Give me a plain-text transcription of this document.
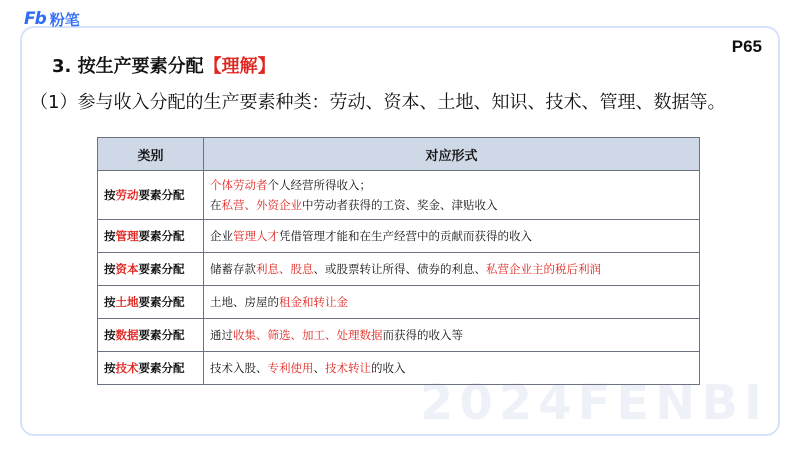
Fb 粉笔
2024FENBI
P65
3. 按生产要素分配【理解】
（1）参与收入分配的生产要素种类：劳动、资本、土地、知识、技术、管理、数据等。
类别	对应形式
按劳动要素分配	个体劳动者个人经营所得收入；
在私营、外资企业中劳动者获得的工资、奖金、津贴收入

按管理要素分配	企业管理人才凭借管理才能和在生产经营中的贡献而获得的收入

按资本要素分配	储蓄存款利息、股息、或股票转让所得、债券的利息、私营企业主的税后利润

按土地要素分配	土地、房屋的租金和转让金

按数据要素分配	通过收集、筛选、加工、处理数据而获得的收入等

按技术要素分配	技术入股、专利使用、技术转让的收入
